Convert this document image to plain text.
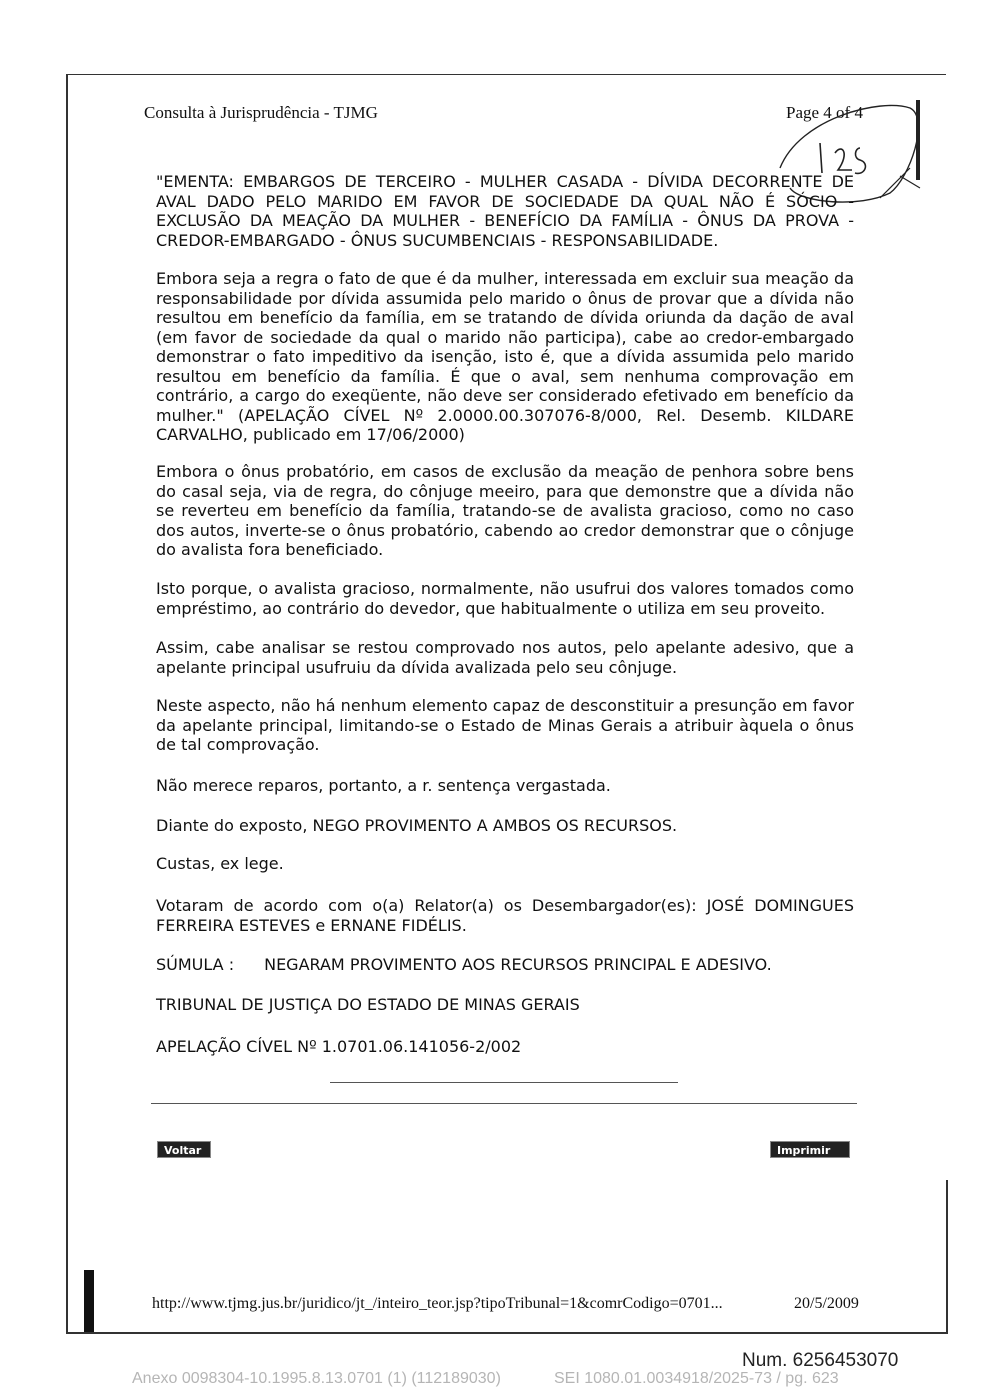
Consulta à Jurisprudência - TJMG	Page 4 of 4

"EMENTA: EMBARGOS DE TERCEIRO - MULHER CASADA - DÍVIDA DECORRENTE DE AVAL DADO PELO MARIDO EM FAVOR DE SOCIEDADE DA QUAL NÃO É SÓCIO - EXCLUSÃO DA MEAÇÃO DA MULHER - BENEFÍCIO DA FAMÍLIA - ÔNUS DA PROVA - CREDOR-EMBARGADO - ÔNUS SUCUMBENCIAIS - RESPONSABILIDADE.

Embora seja a regra o fato de que é da mulher, interessada em excluir sua meação da responsabilidade por dívida assumida pelo marido o ônus de provar que a dívida não resultou em benefício da família, em se tratando de dívida oriunda da dação de aval (em favor de sociedade da qual o marido não participa), cabe ao credor-embargado demonstrar o fato impeditivo da isenção, isto é, que a dívida assumida pelo marido resultou em benefício da família. É que o aval, sem nenhuma comprovação em contrário, a cargo do exeqüente, não deve ser considerado efetivado em benefício da mulher." (APELAÇÃO CÍVEL Nº 2.0000.00.307076-8/000, Rel. Desemb. KILDARE CARVALHO, publicado em 17/06/2000)

Embora o ônus probatório, em casos de exclusão da meação de penhora sobre bens do casal seja, via de regra, do cônjuge meeiro, para que demonstre que a dívida não se reverteu em benefício da família, tratando-se de avalista gracioso, como no caso dos autos, inverte-se o ônus probatório, cabendo ao credor demonstrar que o cônjuge do avalista fora beneficiado.

Isto porque, o avalista gracioso, normalmente, não usufrui dos valores tomados como empréstimo, ao contrário do devedor, que habitualmente o utiliza em seu proveito.

Assim, cabe analisar se restou comprovado nos autos, pelo apelante adesivo, que a apelante principal usufruiu da dívida avalizada pelo seu cônjuge.

Neste aspecto, não há nenhum elemento capaz de desconstituir a presunção em favor da apelante principal, limitando-se o Estado de Minas Gerais a atribuir àquela o ônus de tal comprovação.

Não merece reparos, portanto, a r. sentença vergastada.

Diante do exposto, NEGO PROVIMENTO A AMBOS OS RECURSOS.

Custas, ex lege.

Votaram de acordo com o(a) Relator(a) os Desembargador(es): JOSÉ DOMINGUES FERREIRA ESTEVES e ERNANE FIDÉLIS.

SÚMULA : NEGARAM PROVIMENTO AOS RECURSOS PRINCIPAL E ADESIVO.

TRIBUNAL DE JUSTIÇA DO ESTADO DE MINAS GERAIS

APELAÇÃO CÍVEL Nº 1.0701.06.141056-2/002

Voltar	Imprimir
http://www.tjmg.jus.br/juridico/jt_/inteiro_teor.jsp?tipoTribunal=1&comrCodigo=0701...	20/5/2009
Num. 6256453070
Anexo 0098304-10.1995.8.13.0701 (1) (112189030)	SEI 1080.01.0034918/2025-73 / pg. 623
